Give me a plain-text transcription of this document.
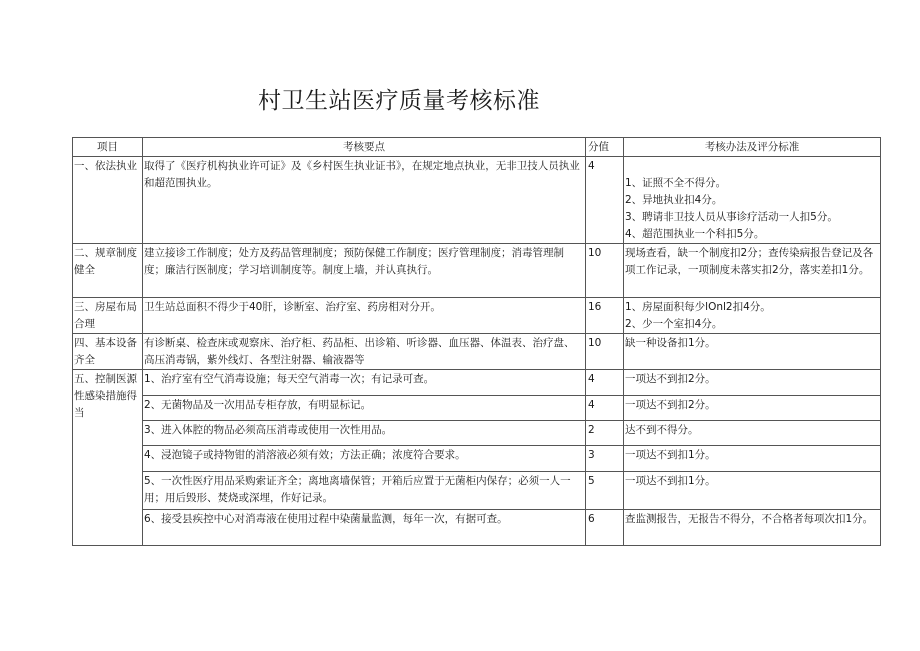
村卫生站医疗质量考核标准
项目	考核要点	分值	考核办法及评分标准
一、依法执业	取得了《医疗机构执业许可证》及《乡村医生执业证书》，在规定地点执业，无非卫技人员执业和超范围执业。	4	1、证照不全不得分。
2、异地执业扣4分。
3、聘请非卫技人员从事诊疗活动一人扣5分。
4、超范围执业一个科扣5分。

二、规章制度健全	建立接诊工作制度；处方及药品管理制度；预防保健工作制度；医疗管理制度；消毒管理制度；廉洁行医制度；学习培训制度等。制度上墙，并认真执行。	10	现场查看，缺一个制度扣2分；查传染病报告登记及各项工作记录，一项制度未落实扣2分，落实差扣1分。
三、房屋布局合理	卫生站总面积不得少于40肝，诊断室、治疗室、药房相对分开。	16	1、房屋面积每少lOnl2扣4分。
2、少一个室扣4分。

四、基本设备齐全	有诊断桌、检查床或观察床、治疗柜、药品柜、出诊箱、听诊器、血压器、体温表、治疗盘、高压消毒锅，紫外线灯、各型注射器、输液器等	10	缺一种设备扣1分。
五、控制医源性感染措施得当	1、治疗室有空气消毒设施；每天空气消毒一次；有记录可查。	4	一项达不到扣2分。
	2、无菌物品及一次用品专柜存放，有明显标记。	4	一项达不到扣2分。
	3、进入体腔的物品必须高压消毒或使用一次性用品。	2	达不到不得分。
	4、浸泡镜子或持物钳的消溶液必须有效；方法正确；浓度符合要求。	3	一项达不到扣1分。
	5、一次性医疗用品采购索证齐全；离地离墙保管；开箱后应置于无菌柜内保存；必须一人一用；用后毁形、焚烧或深埋，作好记录。	5	一项达不到扣1分。
	6、接受县疾控中心对消毒液在使用过程中染菌量监测，每年一次，有据可查。	6	查监测报告，无报告不得分，不合格者每项次扣1分。
